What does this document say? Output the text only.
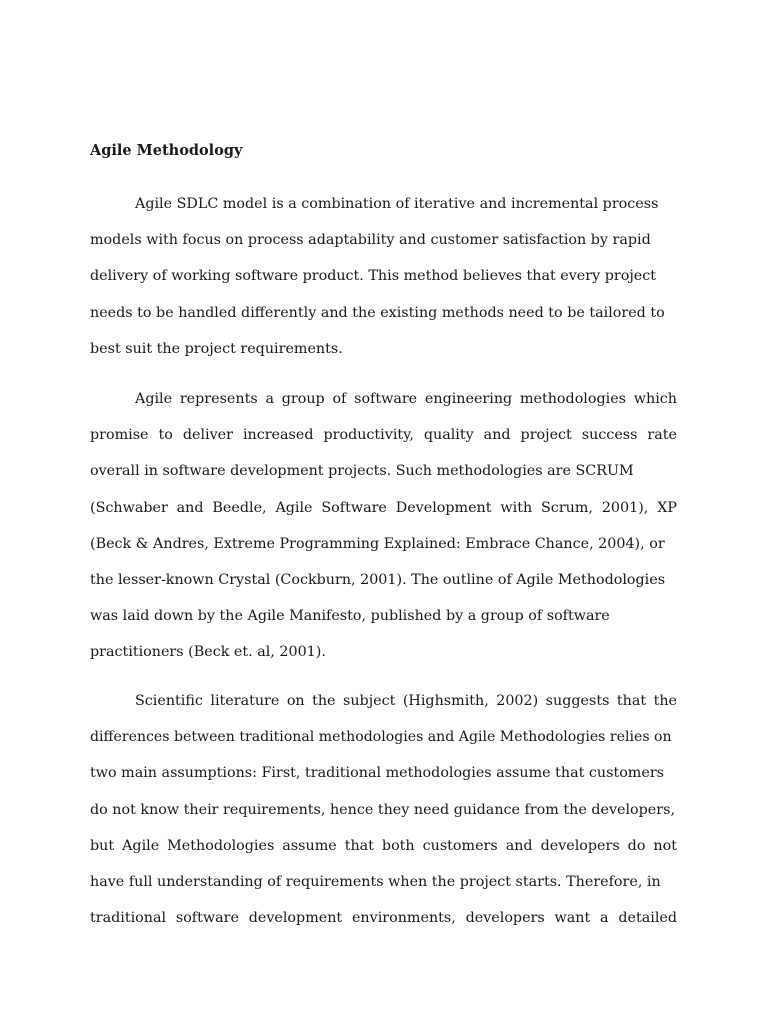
Agile Methodology
Agile SDLC model is a combination of iterative and incremental process
models with focus on process adaptability and customer satisfaction by rapid
delivery of working software product. This method believes that every project
needs to be handled differently and the existing methods need to be tailored to
best suit the project requirements.
Agile represents a group of software engineering methodologies which
promise to deliver increased productivity, quality and project success rate
overall in software development projects. Such methodologies are SCRUM
(Schwaber and Beedle, Agile Software Development with Scrum, 2001), XP
(Beck & Andres, Extreme Programming Explained: Embrace Chance, 2004), or
the lesser-known Crystal (Cockburn, 2001). The outline of Agile Methodologies
was laid down by the Agile Manifesto, published by a group of software
practitioners (Beck et. al, 2001).
Scientific literature on the subject (Highsmith, 2002) suggests that the
differences between traditional methodologies and Agile Methodologies relies on
two main assumptions: First, traditional methodologies assume that customers
do not know their requirements, hence they need guidance from the developers,
but Agile Methodologies assume that both customers and developers do not
have full understanding of requirements when the project starts. Therefore, in
traditional software development environments, developers want a detailed
